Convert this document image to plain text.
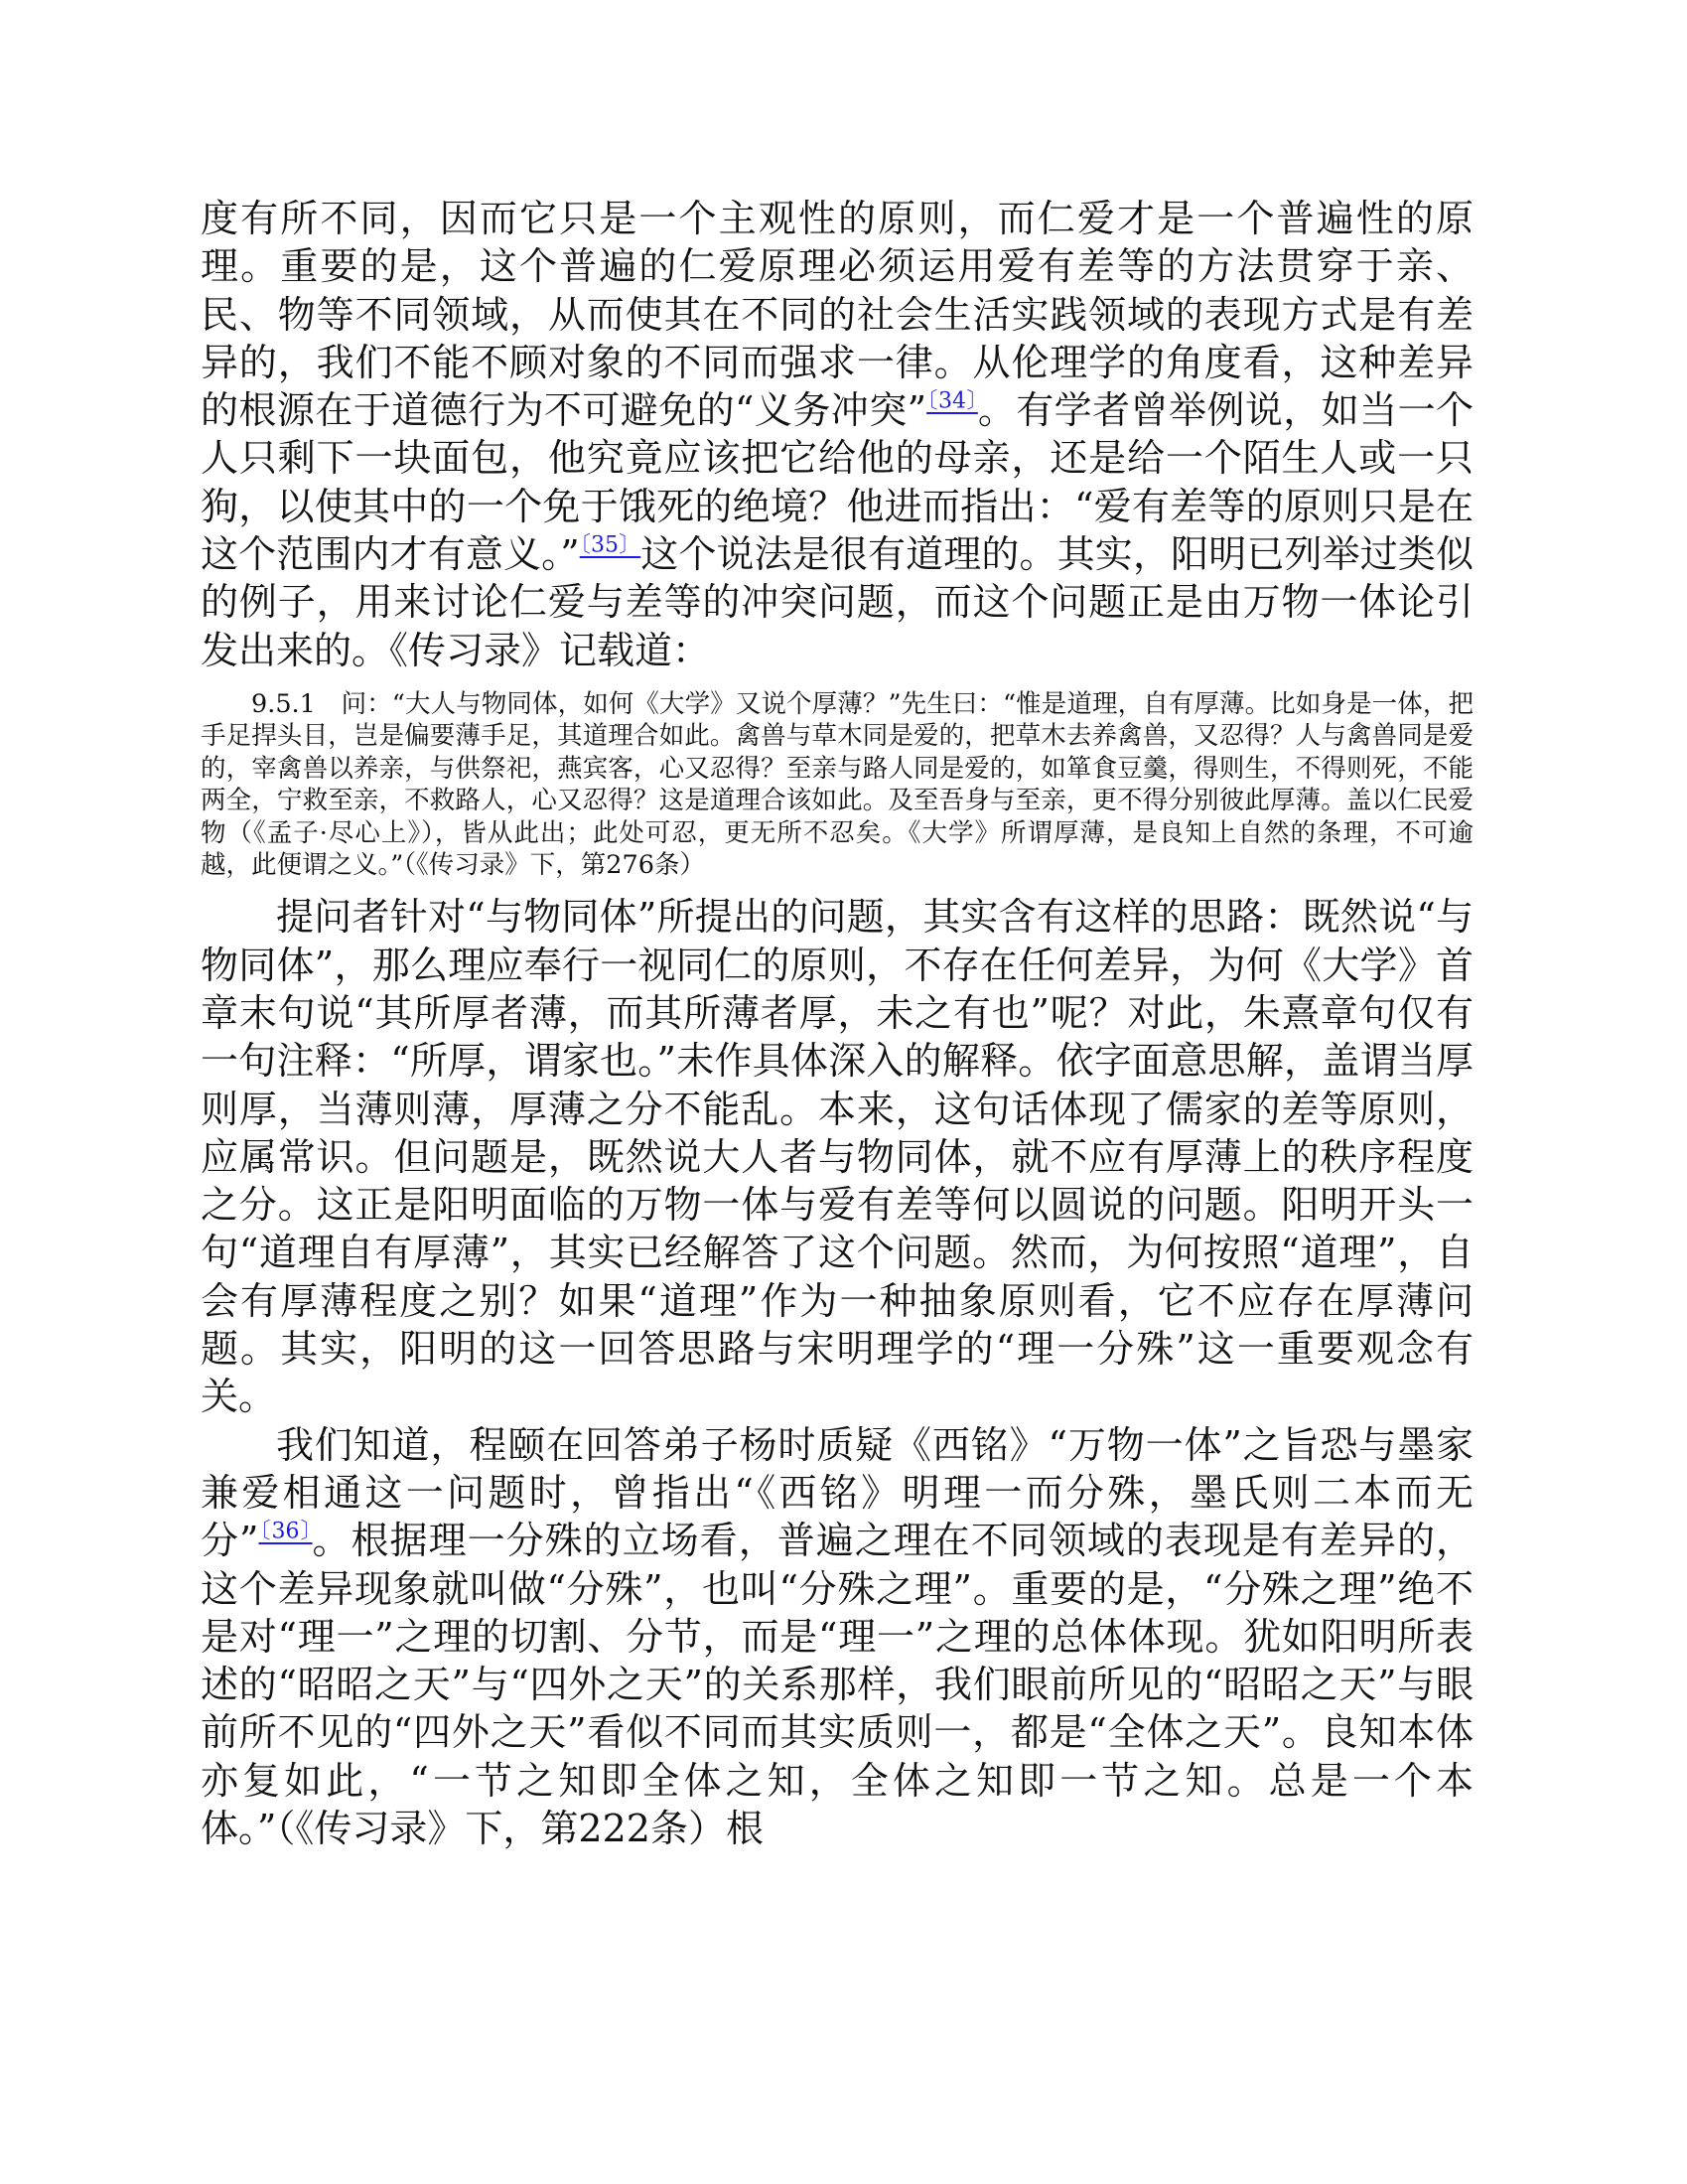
度有所不同，因而它只是一个主观性的原则，而仁爱才是一个普遍性的原理。重要的是，这个普遍的仁爱原理必须运用爱有差等的方法贯穿于亲、民、物等不同领域，从而使其在不同的社会生活实践领域的表现方式是有差异的，我们不能不顾对象的不同而强求一律。从伦理学的角度看，这种差异的根源在于道德行为不可避免的“义务冲突”$^{〔34〕}$。有学者曾举例说，如当一个人只剩下一块面包，他究竟应该把它给他的母亲，还是给一个陌生人或一只狗，以使其中的一个免于饿死的绝境？他进而指出：“爱有差等的原则只是在这个范围内才有意义。”$^{〔35〕}$这个说法是很有道理的。其实，阳明已列举过类似的例子，用来讨论仁爱与差等的冲突问题，而这个问题正是由万物一体论引发出来的。《传习录》记载道：

9.5.1　问：“大人与物同体，如何《大学》又说个厚薄？”先生曰：“惟是道理，自有厚薄。比如身是一体，把手足捍头目，岂是偏要薄手足，其道理合如此。禽兽与草木同是爱的，把草木去养禽兽，又忍得？人与禽兽同是爱的，宰禽兽以养亲，与供祭祀，燕宾客，心又忍得？至亲与路人同是爱的，如箪食豆羹，得则生，不得则死，不能两全，宁救至亲，不救路人，心又忍得？这是道理合该如此。及至吾身与至亲，更不得分别彼此厚薄。盖以仁民爱物（《孟子·尽心上》），皆从此出；此处可忍，更无所不忍矣。《大学》所谓厚薄，是良知上自然的条理，不可逾越，此便谓之义。”（《传习录》下，第276条）

提问者针对“与物同体”所提出的问题，其实含有这样的思路：既然说“与物同体”，那么理应奉行一视同仁的原则，不存在任何差异，为何《大学》首章末句说“其所厚者薄，而其所薄者厚，未之有也”呢？对此，朱熹章句仅有一句注释：“所厚，谓家也。”未作具体深入的解释。依字面意思解，盖谓当厚则厚，当薄则薄，厚薄之分不能乱。本来，这句话体现了儒家的差等原则，应属常识。但问题是，既然说大人者与物同体，就不应有厚薄上的秩序程度之分。这正是阳明面临的万物一体与爱有差等何以圆说的问题。阳明开头一句“道理自有厚薄”，其实已经解答了这个问题。然而，为何按照“道理”，自会有厚薄程度之别？如果“道理”作为一种抽象原则看，它不应存在厚薄问题。其实，阳明的这一回答思路与宋明理学的“理一分殊”这一重要观念有关。

我们知道，程颐在回答弟子杨时质疑《西铭》“万物一体”之旨恐与墨家兼爱相通这一问题时，曾指出“《西铭》明理一而分殊，墨氏则二本而无分”$^{〔36〕}$。根据理一分殊的立场看，普遍之理在不同领域的表现是有差异的，这个差异现象就叫做“分殊”，也叫“分殊之理”。重要的是，“分殊之理”绝不是对“理一”之理的切割、分节，而是“理一”之理的总体体现。犹如阳明所表述的“昭昭之天”与“四外之天”的关系那样，我们眼前所见的“昭昭之天”与眼前所不见的“四外之天”看似不同而其实质则一，都是“全体之天”。良知本体亦复如此，“一节之知即全体之知，全体之知即一节之知。总是一个本体。”（《传习录》下，第222条）根
